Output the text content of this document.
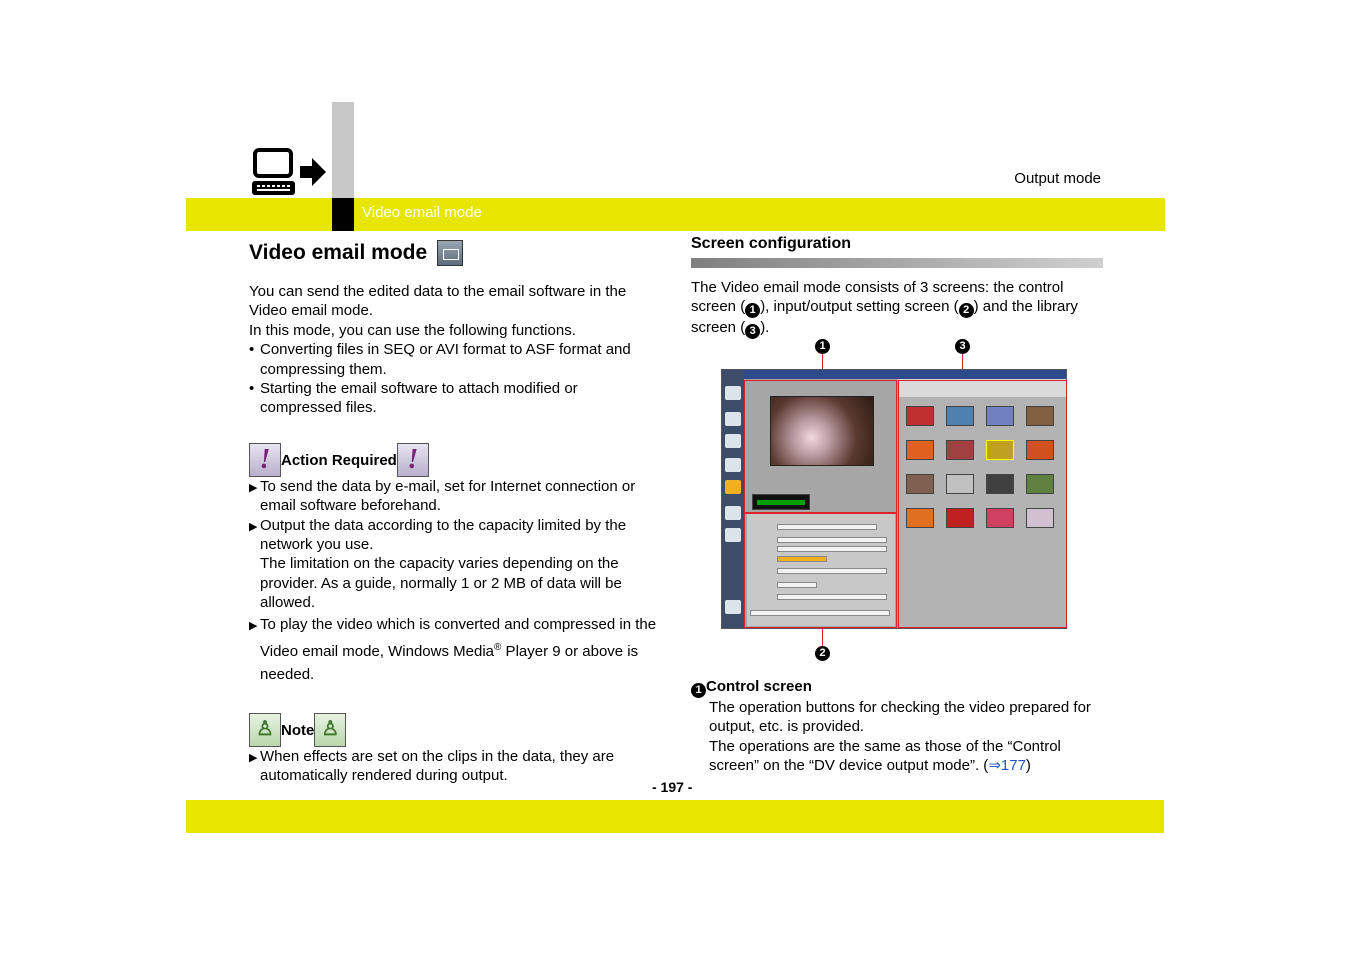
Output mode
Video email mode
Video email mode

You can send the edited data to the email software in the Video email mode.

In this mode, you can use the following functions.

• Converting files in SEQ or AVI format to ASF format and compressing them.
• Starting the email software to attach modified or compressed files.
! Action Required !
▶ To send the data by e-mail, set for Internet connection or email software beforehand.
▶ Output the data according to the capacity limited by the network you use.

The limitation on the capacity varies depending on the provider. As a guide, normally 1 or 2 MB of data will be allowed.

▶ To play the video which is converted and compressed in the Video email mode, Windows Media® Player 9 or above is needed.
♙ Note ♙
▶ When effects are set on the clips in the data, they are automatically rendered during output.
Screen configuration

The Video email mode consists of 3 screens: the control screen ( 1 ), input/output setting screen ( 2 ) and the library screen ( 3 ).

1	3
2
1 Control screen

The operation buttons for checking the video prepared for output, etc. is provided.

The operations are the same as those of the “Control screen” on the “DV device output mode”. (⇒177)

- 197 -
